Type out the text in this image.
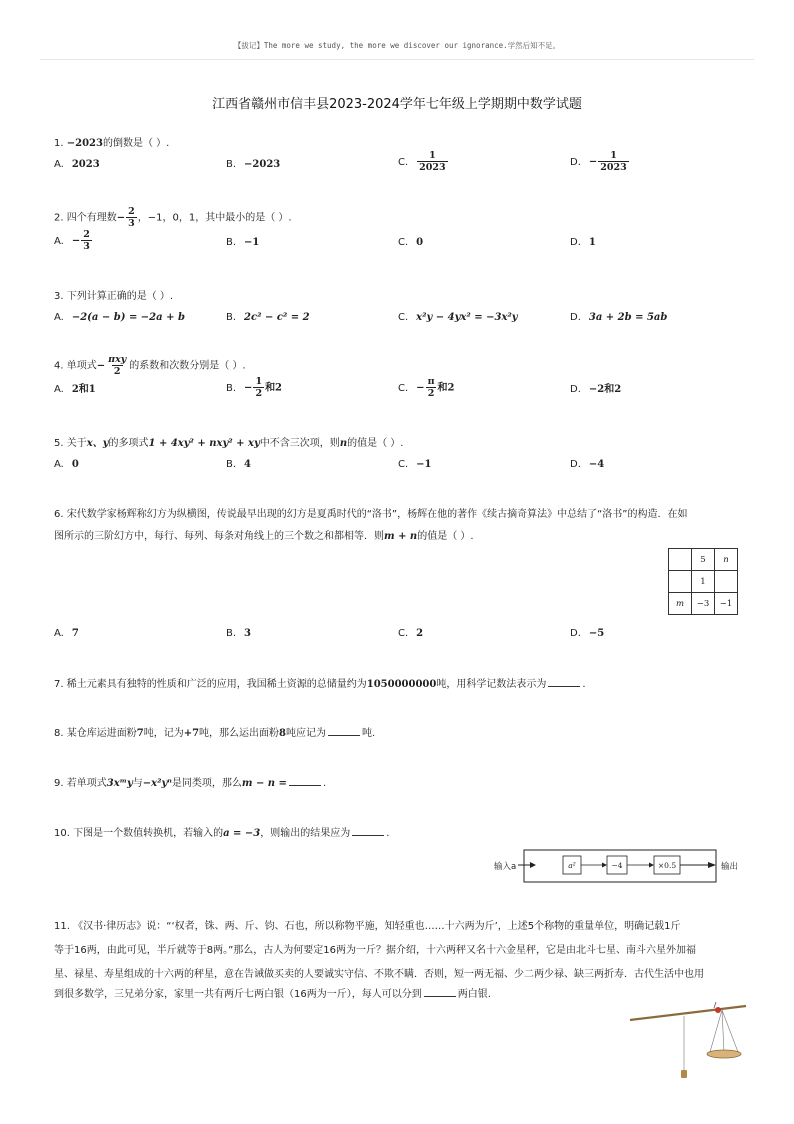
【拔记】The more we study, the more we discover our ignorance.学然后知不足。
江西省赣州市信丰县2023-2024学年七年级上学期期中数学试题
1. −2023的倒数是（ ）.
A. 2023	B. −2023	C. $\frac{1}{2023}$	D. − $\frac{1}{2023}$
2. 四个有理数− $\frac{2}{3}$ ，−1，0，1，其中最小的是（ ）.
A. − $\frac{2}{3}$	B. −1	C. 0	D. 1
3. 下列计算正确的是（ ）.
A. −2(a − b) = −2a + b	B. 2c² − c² = 2	C. x²y − 4yx² = −3x²y	D. 3a + 2b = 5ab
4. 单项式− $\frac{\text{πxy}}{2}$ 的系数和次数分别是（ ）.
A. 2和1	B. − $\frac{1}{2}$ 和2	C. − $\frac{\pi}{2}$ 和2	D. −2和2
5. 关于x、y的多项式1 + 4xy² + nxy² + xy中不含三次项，则n的值是（ ）.
A. 0	B. 4	C. −1	D. −4
6. 宋代数学家杨辉称幻方为纵横图，传说最早出现的幻方是夏禹时代的“洛书”，杨辉在他的著作《续古摘奇算法》中总结了“洛书”的构造．在如
图所示的三阶幻方中，每行、每列、每条对角线上的三个数之和都相等．则m + n的值是（ ）.
	5	n
	1	
m	−3	−1
A. 7	B. 3	C. 2	D. −5
7. 稀土元素具有独特的性质和广泛的应用，我国稀土资源的总储量约为1050000000吨，用科学记数法表示为	.
8. 某仓库运进面粉7吨，记为+7吨，那么运出面粉8吨应记为	吨.
9. 若单项式3xᵐy与−x²yⁿ是同类项，那么m − n =	.
10. 下图是一个数值转换机，若输入的a = −3，则输出的结果应为	.
输入a	a²	−4	×0.5	输出
11. 《汉书·律历志》说：“‘权者，铢、两、斤、钧、石也，所以称物平施，知轻重也……十六两为斤’，上述5个称物的重量单位，明确记载1斤
等于16两，由此可见，半斤就等于8两。”那么，古人为何要定16两为一斤？据介绍，十六两秤又名十六金星秤，它是由北斗七星、南斗六星外加福
星、禄星、寿星组成的十六两的秤星，意在告诫做买卖的人要诚实守信、不欺不瞒．否则，短一两无福、少二两少禄、缺三两折寿．古代生活中也用
到很多数学，三兄弟分家，家里一共有两斤七两白银（16两为一斤），每人可以分到	两白银.
